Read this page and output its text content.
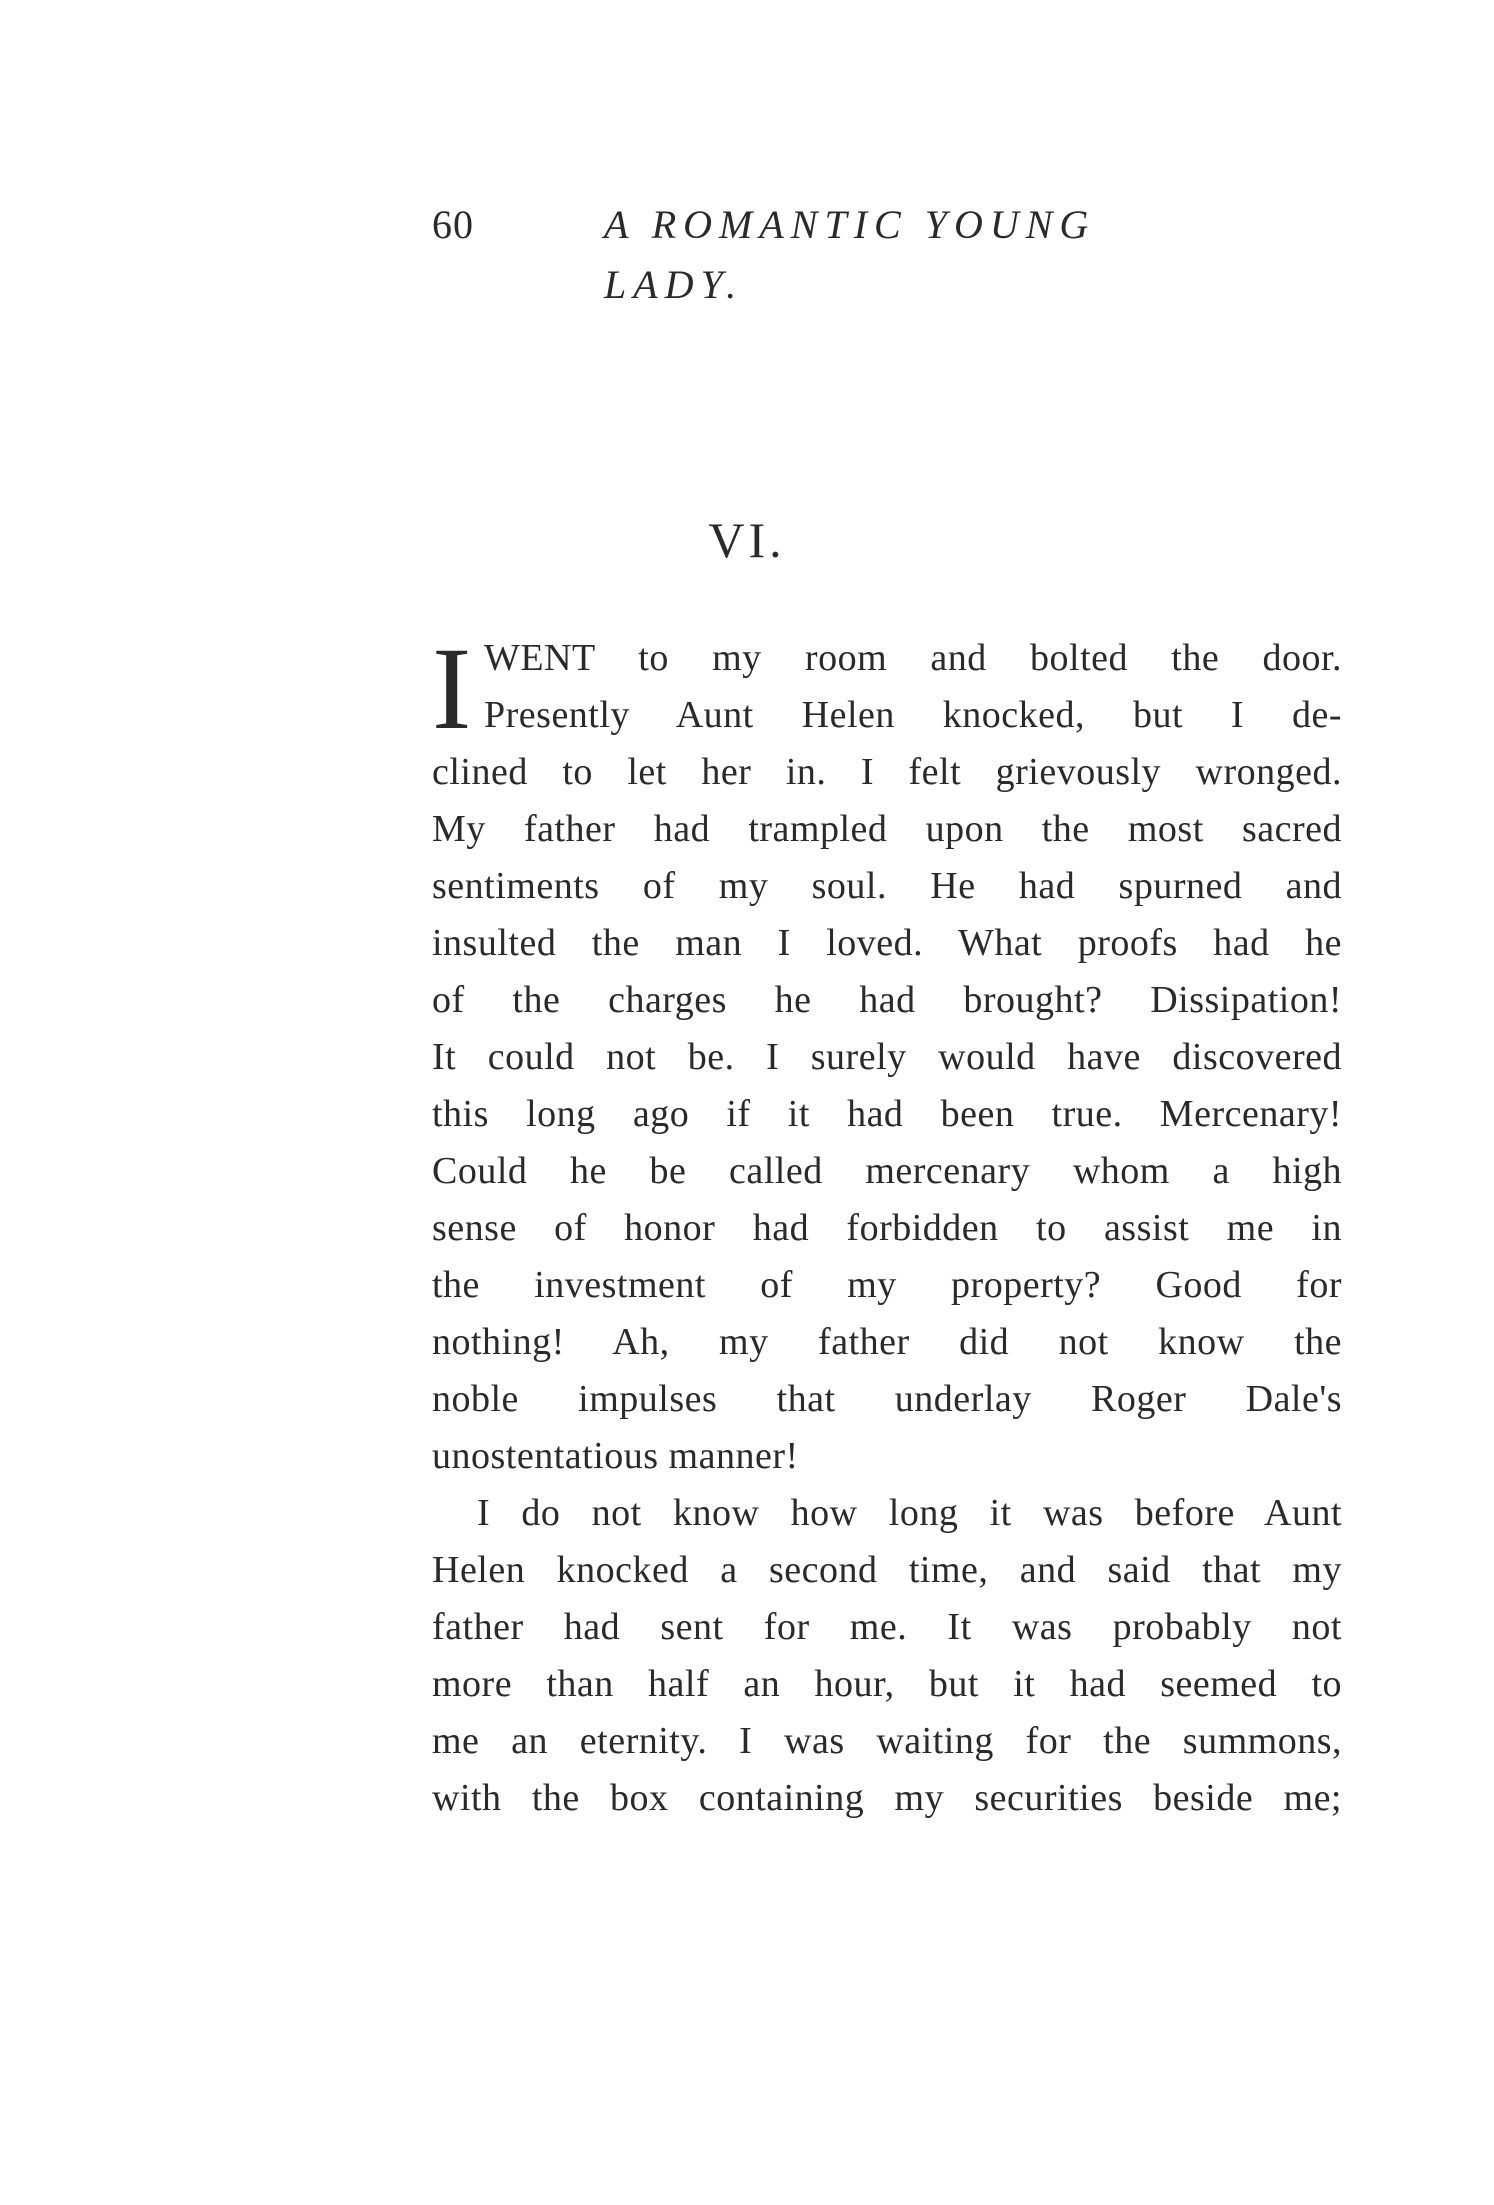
60	A ROMANTIC YOUNG LADY.
VI.
I WENT to my room and bolted the door.
Presently Aunt Helen knocked, but I de-
clined to let her in. I felt grievously wronged.
My father had trampled upon the most sacred
sentiments of my soul. He had spurned and
insulted the man I loved. What proofs had he
of the charges he had brought? Dissipation!
It could not be. I surely would have discovered
this long ago if it had been true. Mercenary!
Could he be called mercenary whom a high
sense of honor had forbidden to assist me in
the investment of my property? Good for
nothing! Ah, my father did not know the
noble impulses that underlay Roger Dale's
unostentatious manner!
I do not know how long it was before Aunt
Helen knocked a second time, and said that my
father had sent for me. It was probably not
more than half an hour, but it had seemed to
me an eternity. I was waiting for the summons,
with the box containing my securities beside me;
